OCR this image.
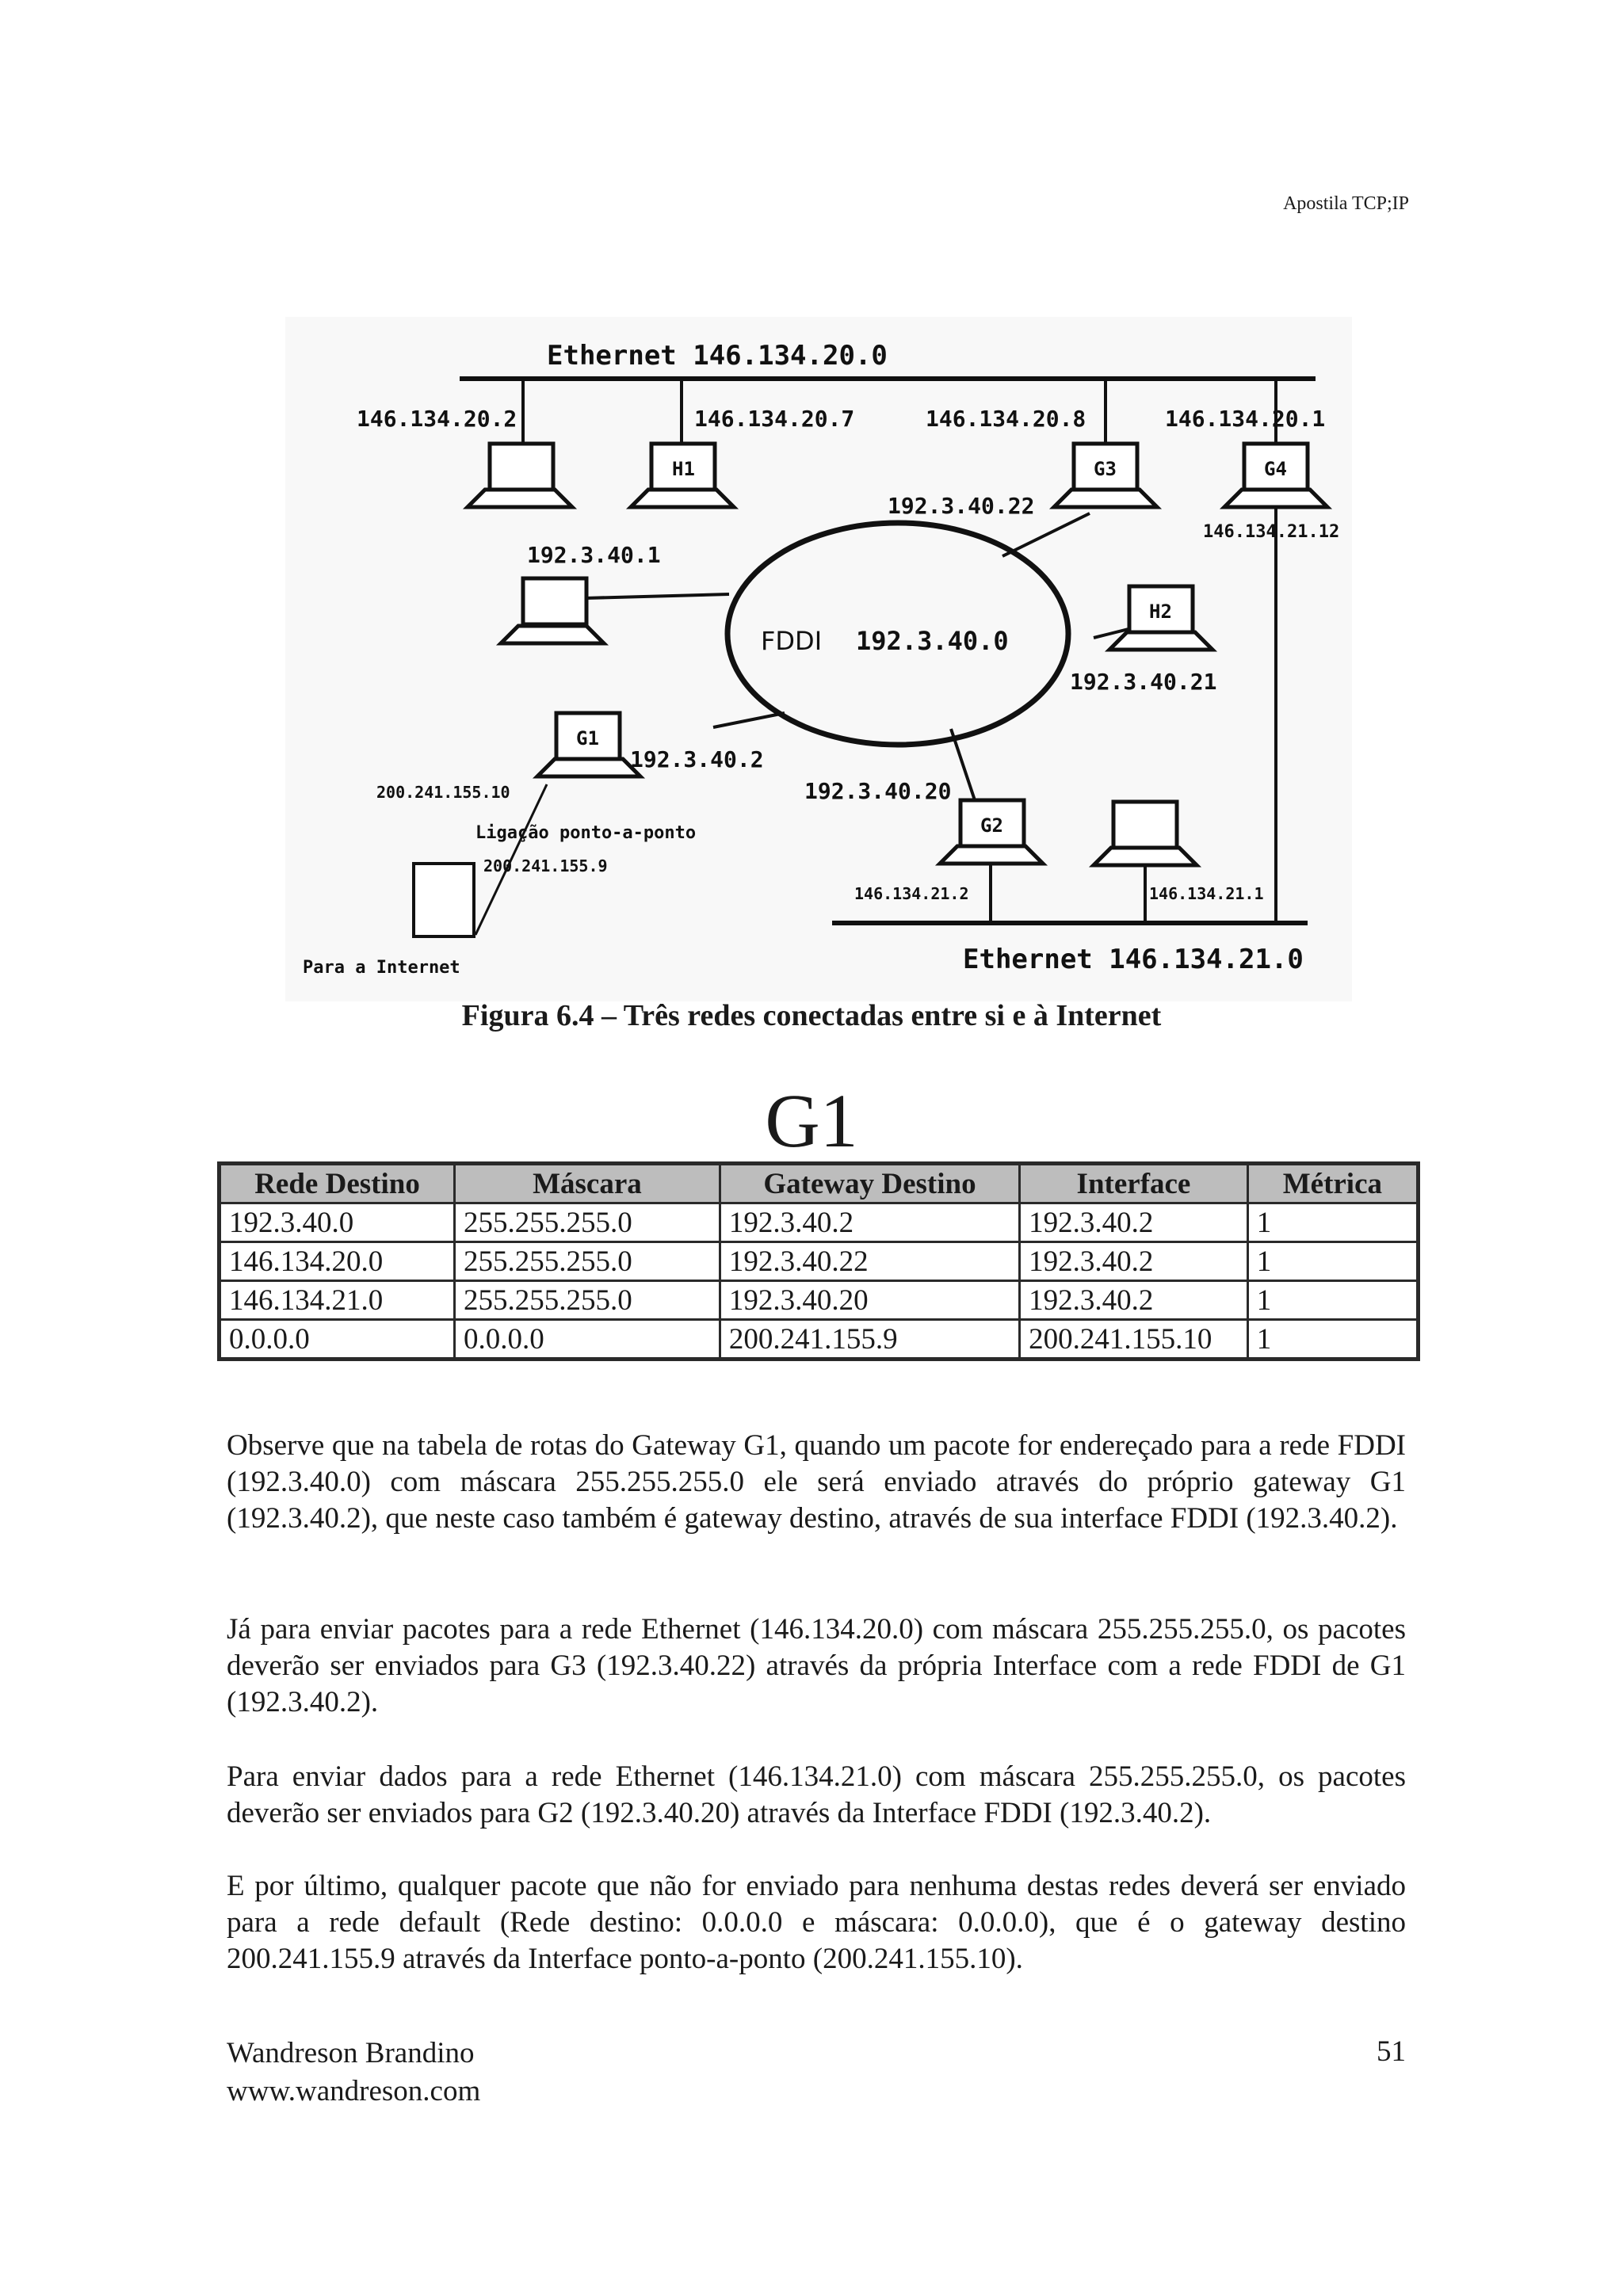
Apostila TCP;IP
Ethernet 146.134.20.0
Ethernet 146.134.21.0
FDDI 192.3.40.0
146.134.20.2	146.134.20.7	146.134.20.8	146.134.20.1
192.3.40.22
146.134.21.12
192.3.40.1
192.3.40.21
192.3.40.2
192.3.40.20
146.134.21.2	146.134.21.1
200.241.155.10
Ligação ponto-a-ponto
200.241.155.9
Para a Internet
H1
H2
G1
G2
G3	G4
Figura 6.4 – Três redes conectadas entre si e à Internet
G1
Rede Destino	Máscara	Gateway Destino	Interface	Métrica
192.3.40.0	255.255.255.0	192.3.40.2	192.3.40.2	1
146.134.20.0	255.255.255.0	192.3.40.22	192.3.40.2	1
146.134.21.0	255.255.255.0	192.3.40.20	192.3.40.2	1
0.0.0.0	0.0.0.0	200.241.155.9	200.241.155.10	1

Observe que na tabela de rotas do Gateway G1, quando um pacote for endereçado para a rede FDDI (192.3.40.0) com máscara 255.255.255.0 ele será enviado através do próprio gateway G1 (192.3.40.2), que neste caso também é gateway destino, através de sua interface FDDI (192.3.40.2).

Já para enviar pacotes para a rede Ethernet (146.134.20.0) com máscara 255.255.255.0, os pacotes deverão ser enviados para G3 (192.3.40.22) através da própria Interface com a rede FDDI de G1 (192.3.40.2).

Para enviar dados para a rede Ethernet (146.134.21.0) com máscara 255.255.255.0, os pacotes deverão ser enviados para G2 (192.3.40.20) através da Interface FDDI (192.3.40.2).

E por último, qualquer pacote que não for enviado para nenhuma destas redes deverá ser enviado para a rede default (Rede destino: 0.0.0.0 e máscara: 0.0.0.0), que é o gateway destino 200.241.155.9 através da Interface ponto-a-ponto (200.241.155.10).

Wandreson Brandino
www.wandreson.com
51
